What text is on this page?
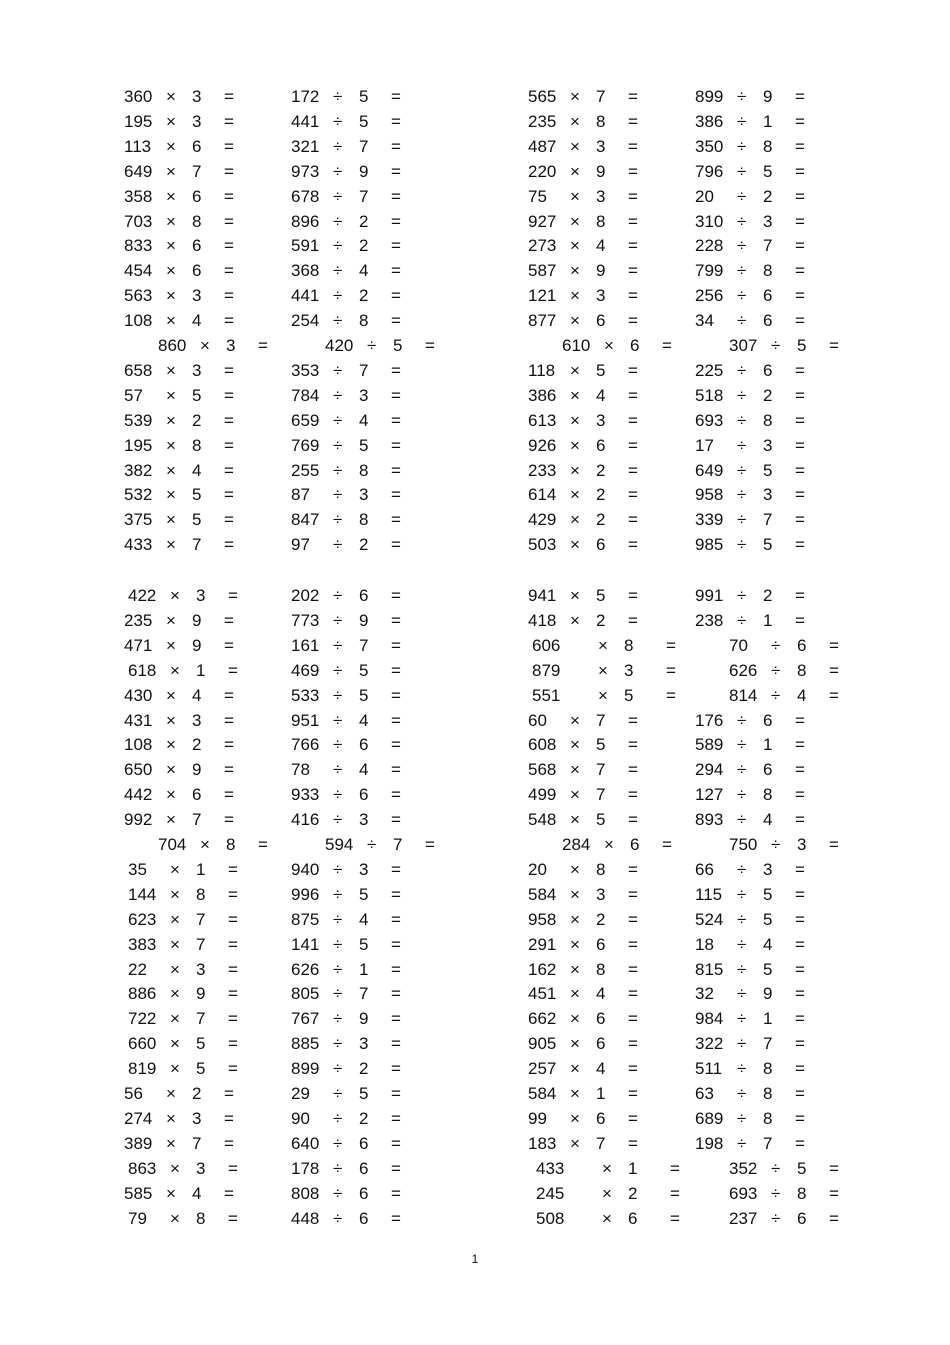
360 × 3 =	172 ÷ 5 =	565 × 7 =	899 ÷ 9 =
195 × 3 =	441 ÷ 5 =	235 × 8 =	386 ÷ 1 =
113 × 6 =	321 ÷ 7 =	487 × 3 =	350 ÷ 8 =
649 × 7 =	973 ÷ 9 =	220 × 9 =	796 ÷ 5 =
358 × 6 =	678 ÷ 7 =	75 × 3 =	20 ÷ 2 =
703 × 8 =	896 ÷ 2 =	927 × 8 =	310 ÷ 3 =
833 × 6 =	591 ÷ 2 =	273 × 4 =	228 ÷ 7 =
454 × 6 =	368 ÷ 4 =	587 × 9 =	799 ÷ 8 =
563 × 3 =	441 ÷ 2 =	121 × 3 =	256 ÷ 6 =
108 × 4 =	254 ÷ 8 =	877 × 6 =	34 ÷ 6 =
860 × 3 =	420 ÷ 5 =	610 × 6 =	307 ÷ 5 =
658 × 3 =	353 ÷ 7 =	118 × 5 =	225 ÷ 6 =
57 × 5 =	784 ÷ 3 =	386 × 4 =	518 ÷ 2 =
539 × 2 =	659 ÷ 4 =	613 × 3 =	693 ÷ 8 =
195 × 8 =	769 ÷ 5 =	926 × 6 =	17 ÷ 3 =
382 × 4 =	255 ÷ 8 =	233 × 2 =	649 ÷ 5 =
532 × 5 =	87 ÷ 3 =	614 × 2 =	958 ÷ 3 =
375 × 5 =	847 ÷ 8 =	429 × 2 =	339 ÷ 7 =
433 × 7 =	97 ÷ 2 =	503 × 6 =	985 ÷ 5 =
422 × 3 =	202 ÷ 6 =	941 × 5 =	991 ÷ 2 =
235 × 9 =	773 ÷ 9 =	418 × 2 =	238 ÷ 1 =
471 × 9 =	161 ÷ 7 =	606 × 8 =	70 ÷ 6 =
618 × 1 =	469 ÷ 5 =	879 × 3 =	626 ÷ 8 =
430 × 4 =	533 ÷ 5 =	551 × 5 =	814 ÷ 4 =
431 × 3 =	951 ÷ 4 =	60 × 7 =	176 ÷ 6 =
108 × 2 =	766 ÷ 6 =	608 × 5 =	589 ÷ 1 =
650 × 9 =	78 ÷ 4 =	568 × 7 =	294 ÷ 6 =
442 × 6 =	933 ÷ 6 =	499 × 7 =	127 ÷ 8 =
992 × 7 =	416 ÷ 3 =	548 × 5 =	893 ÷ 4 =
704 × 8 =	594 ÷ 7 =	284 × 6 =	750 ÷ 3 =
35 × 1 =	940 ÷ 3 =	20 × 8 =	66 ÷ 3 =
144 × 8 =	996 ÷ 5 =	584 × 3 =	115 ÷ 5 =
623 × 7 =	875 ÷ 4 =	958 × 2 =	524 ÷ 5 =
383 × 7 =	141 ÷ 5 =	291 × 6 =	18 ÷ 4 =
22 × 3 =	626 ÷ 1 =	162 × 8 =	815 ÷ 5 =
886 × 9 =	805 ÷ 7 =	451 × 4 =	32 ÷ 9 =
722 × 7 =	767 ÷ 9 =	662 × 6 =	984 ÷ 1 =
660 × 5 =	885 ÷ 3 =	905 × 6 =	322 ÷ 7 =
819 × 5 =	899 ÷ 2 =	257 × 4 =	511 ÷ 8 =
56 × 2 =	29 ÷ 5 =	584 × 1 =	63 ÷ 8 =
274 × 3 =	90 ÷ 2 =	99 × 6 =	689 ÷ 8 =
389 × 7 =	640 ÷ 6 =	183 × 7 =	198 ÷ 7 =
863 × 3 =	178 ÷ 6 =	433 × 1 =	352 ÷ 5 =
585 × 4 =	808 ÷ 6 =	245 × 2 =	693 ÷ 8 =
79 × 8 =	448 ÷ 6 =	508 × 6 =	237 ÷ 6 =
1
